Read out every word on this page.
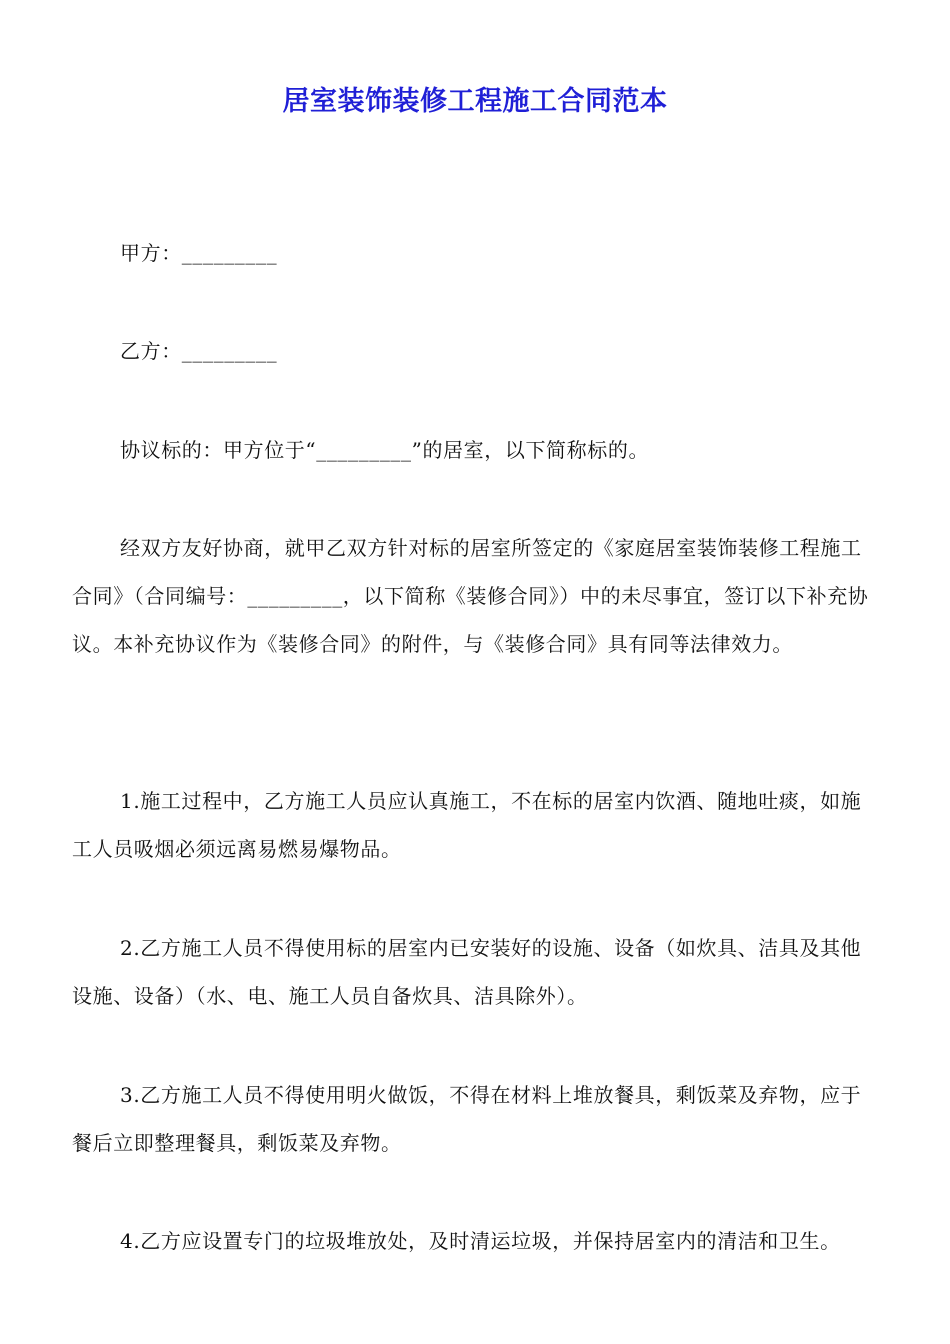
居室装饰装修工程施工合同范本

甲方：_________

乙方：_________

协议标的：甲方位于“_________”的居室，以下简称标的。

经双方友好协商，就甲乙双方针对标的居室所签定的《家庭居室装饰装修工程施工合同》（合同编号：_________，以下简称《装修合同》）中的未尽事宜，签订以下补充协议。本补充协议作为《装修合同》的附件，与《装修合同》具有同等法律效力。

1.施工过程中，乙方施工人员应认真施工，不在标的居室内饮酒、随地吐痰，如施工人员吸烟必须远离易燃易爆物品。

2.乙方施工人员不得使用标的居室内已安装好的设施、设备（如炊具、洁具及其他设施、设备）（水、电、施工人员自备炊具、洁具除外）。

3.乙方施工人员不得使用明火做饭，不得在材料上堆放餐具，剩饭菜及弃物，应于餐后立即整理餐具，剩饭菜及弃物。

4.乙方应设置专门的垃圾堆放处，及时清运垃圾，并保持居室内的清洁和卫生。
